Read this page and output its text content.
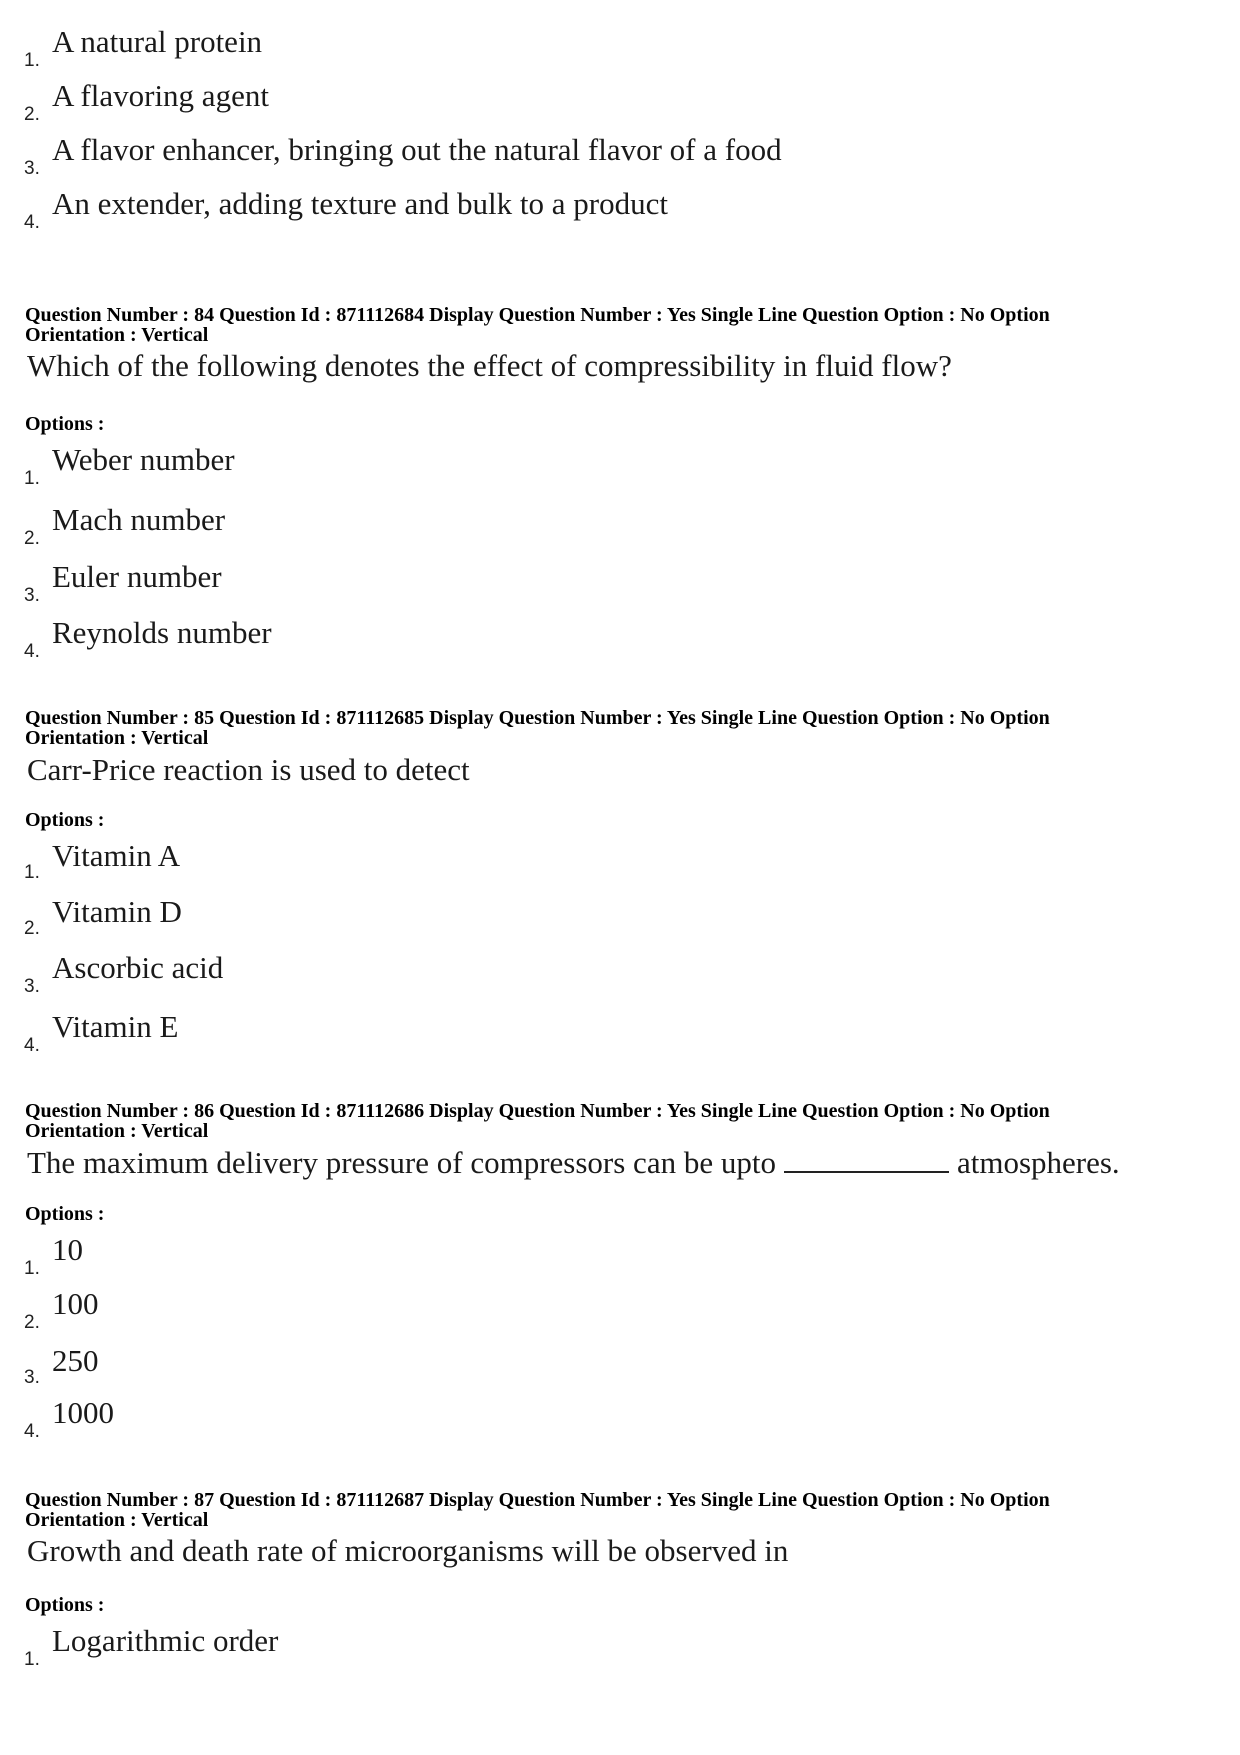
1.
A natural protein
2.
A flavoring agent
3.
A flavor enhancer, bringing out the natural flavor of a food
4.
An extender, adding texture and bulk to a product
Question Number : 84 Question Id : 871112684 Display Question Number : Yes Single Line Question Option : No Option
Orientation : Vertical
Which of the following denotes the effect of compressibility in fluid flow?
Options :
1.
Weber number
2.
Mach number
3.
Euler number
4.
Reynolds number
Question Number : 85 Question Id : 871112685 Display Question Number : Yes Single Line Question Option : No Option
Orientation : Vertical
Carr-Price reaction is used to detect
Options :
1. Vitamin A
2. Vitamin D
3.
Ascorbic acid
4.
Vitamin E
Question Number : 86 Question Id : 871112686 Display Question Number : Yes Single Line Question Option : No Option
Orientation : Vertical
The maximum delivery pressure of compressors can be upto	atmospheres.
Options :
1.
10
2.
100
3. 250
4.
1000
Question Number : 87 Question Id : 871112687 Display Question Number : Yes Single Line Question Option : No Option
Orientation : Vertical
Growth and death rate of microorganisms will be observed in
Options :
1.
Logarithmic order
